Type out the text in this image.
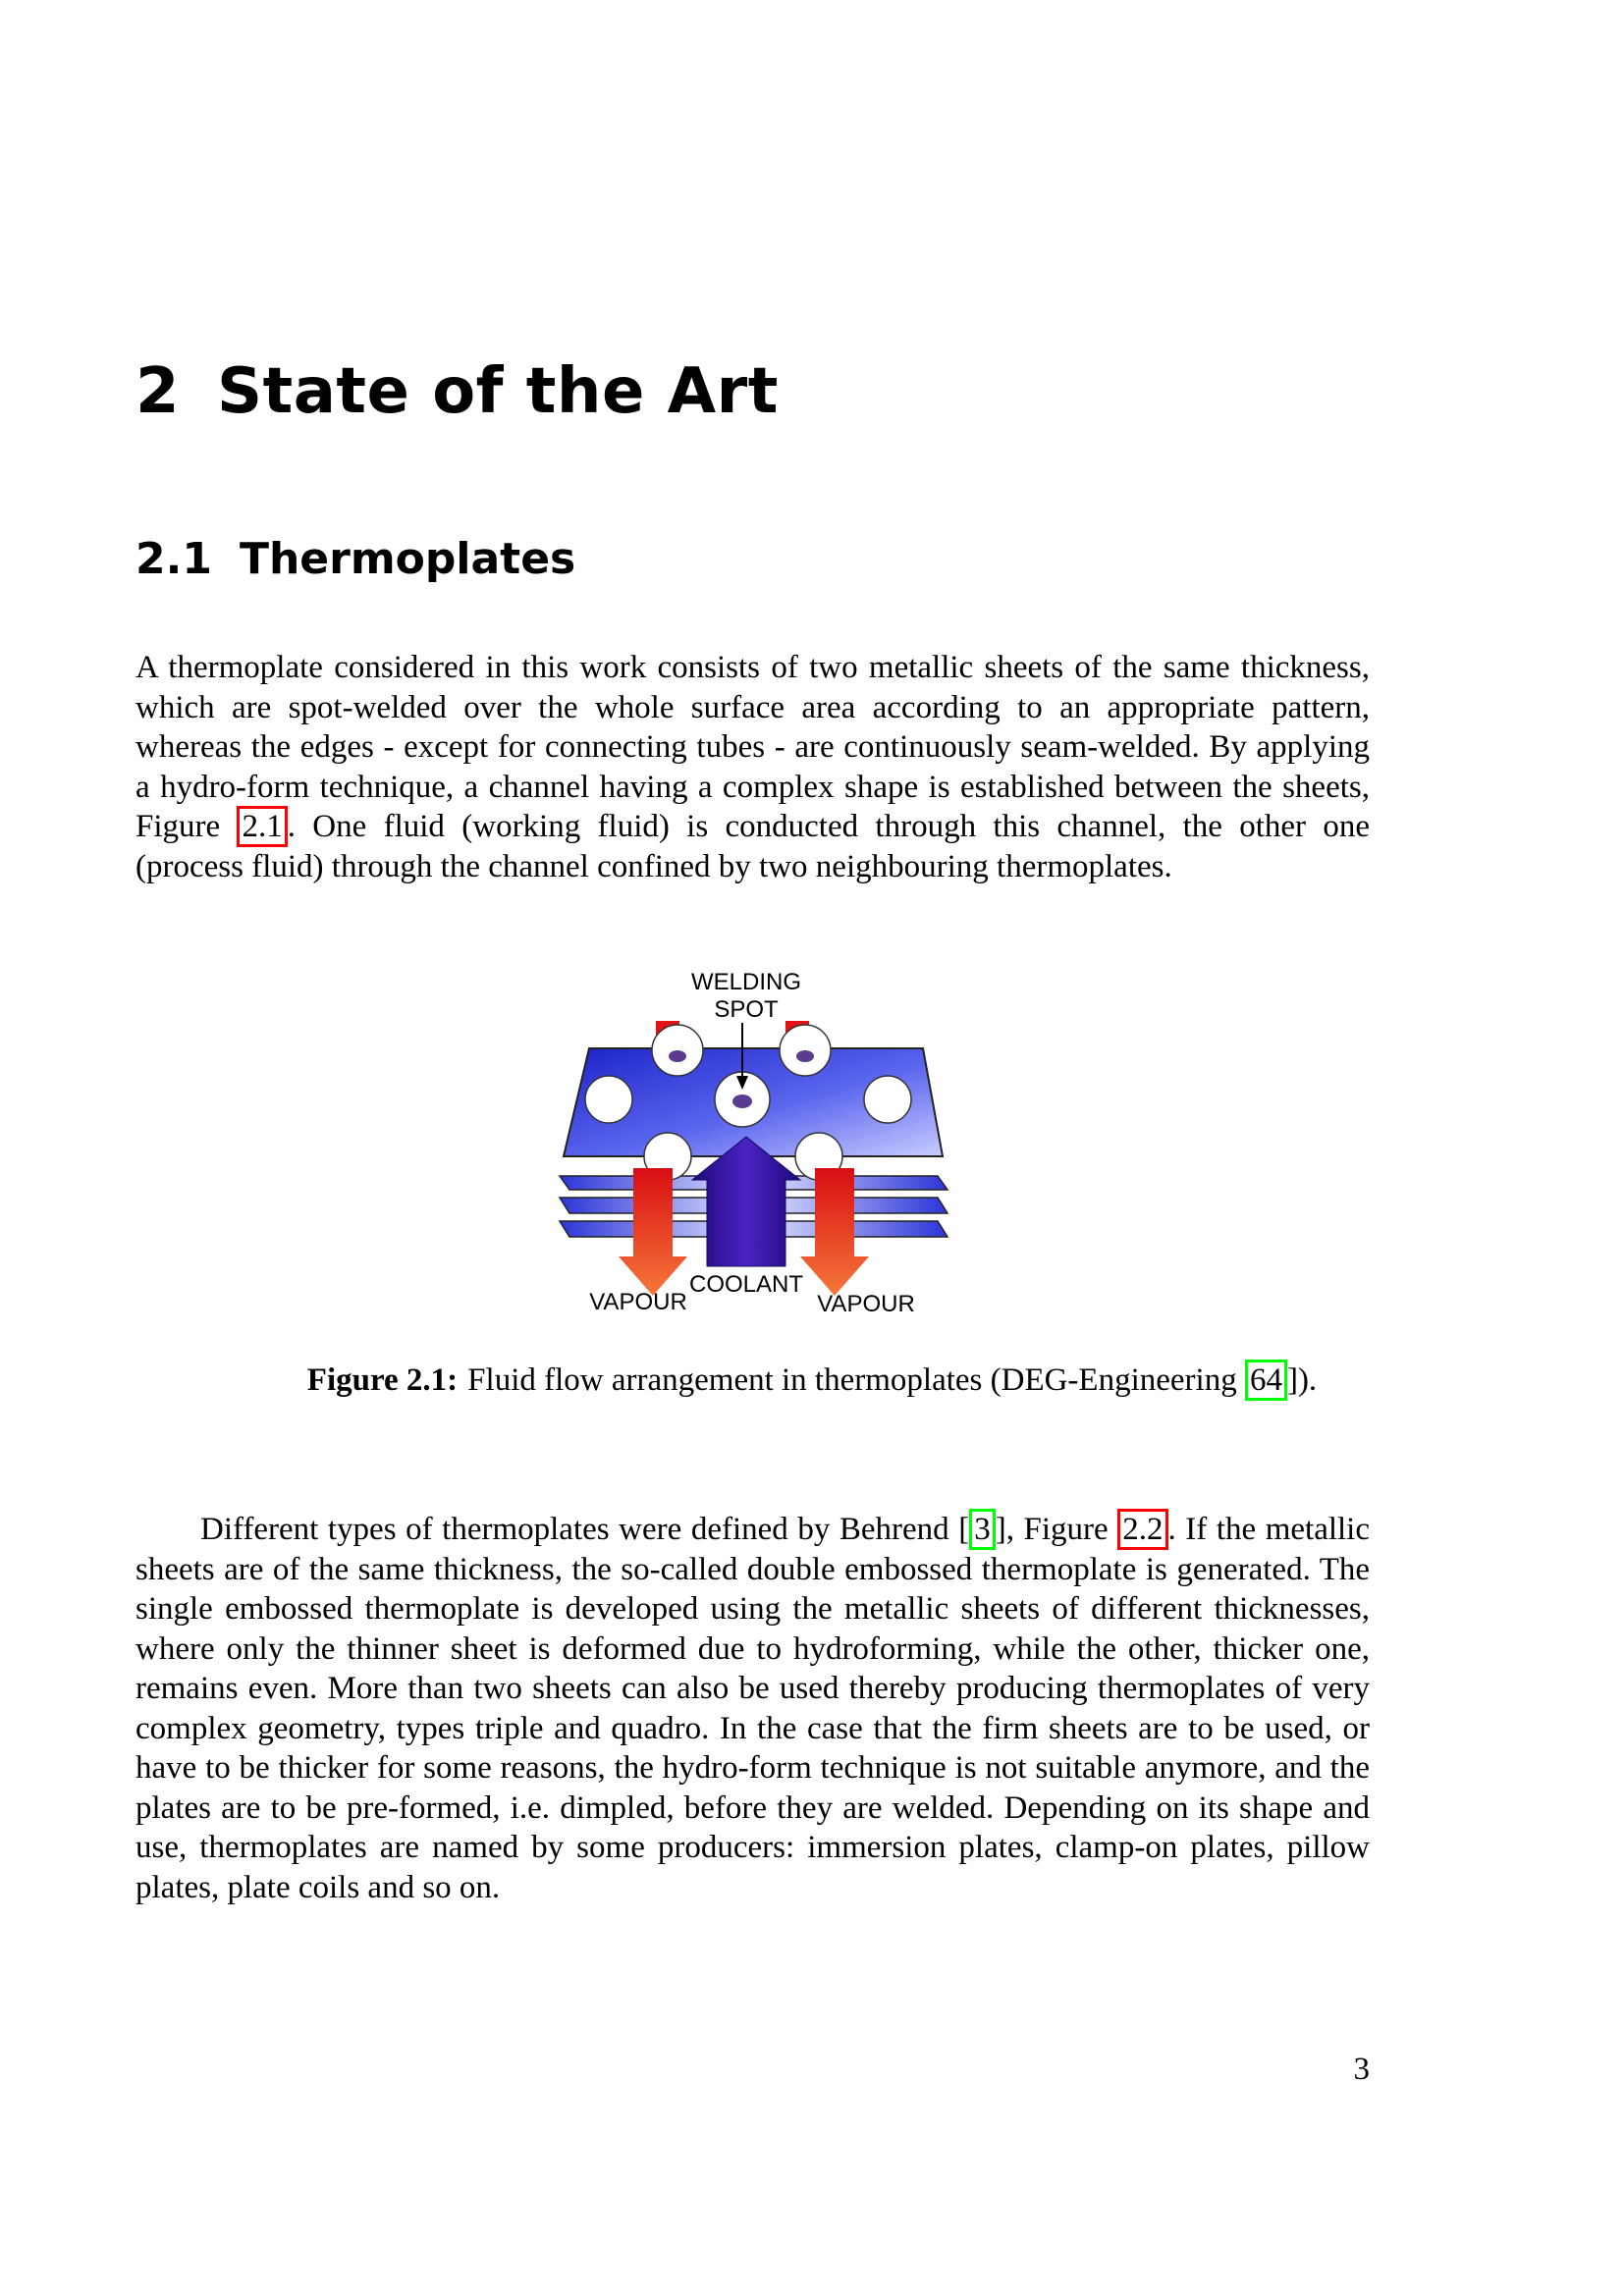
2 State of the Art
2.1 Thermoplates

A thermoplate considered in this work consists of two metallic sheets of the same thickness, which are spot-welded over the whole surface area according to an appropriate pattern, whereas the edges - except for connecting tubes - are continuously seam-welded. By applying a hydro-form technique, a channel having a complex shape is established between the sheets, Figure 2.1 . One fluid (working fluid) is conducted through this channel, the other one (process fluid) through the channel confined by two neighbouring thermoplates.

WELDING
SPOT
COOLANT
VAPOUR	VAPOUR

Figure 2.1: Fluid flow arrangement in thermoplates (DEG-Engineering 64 ]).

Different types of thermoplates were defined by Behrend [ 3 ], Figure 2.2 . If the metallic sheets are of the same thickness, the so-called double embossed thermoplate is generated. The single embossed thermoplate is developed using the metallic sheets of different thicknesses, where only the thinner sheet is deformed due to hydroforming, while the other, thicker one, remains even. More than two sheets can also be used thereby producing thermoplates of very complex geometry, types triple and quadro. In the case that the firm sheets are to be used, or have to be thicker for some reasons, the hydro-form technique is not suitable anymore, and the plates are to be pre-formed, i.e. dimpled, before they are welded. Depending on its shape and use, thermoplates are named by some producers: immersion plates, clamp-on plates, pillow plates, plate coils and so on.

3
